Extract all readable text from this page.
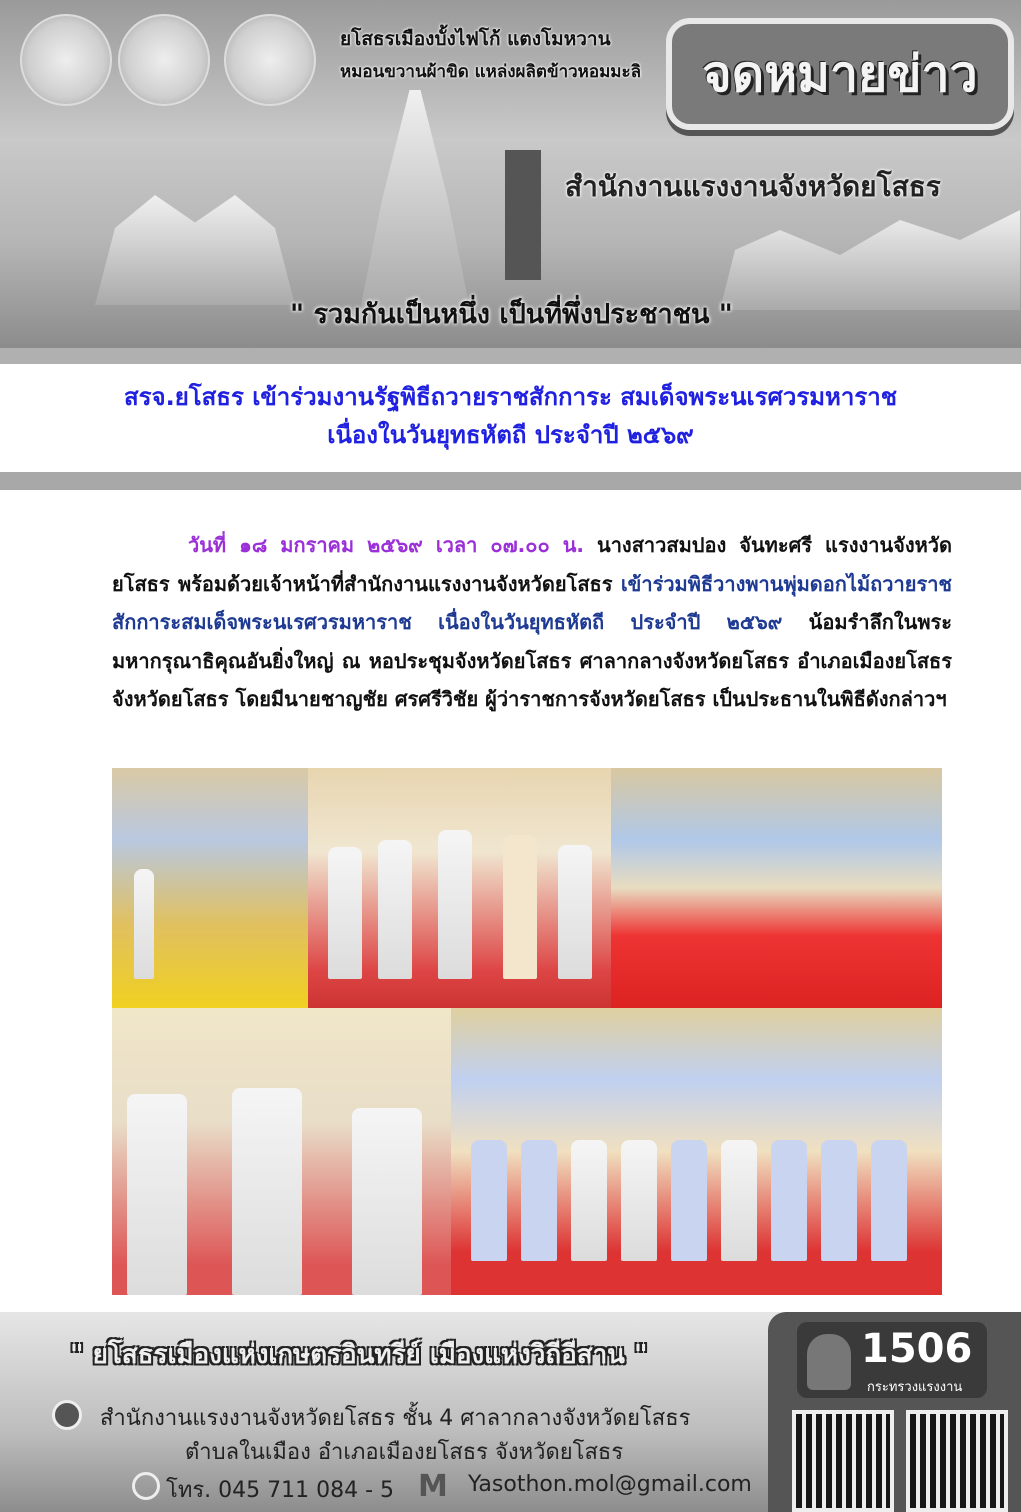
ยโสธรเมืองบั้งไฟโก้ แตงโมหวาน
หมอนขวานผ้าขิด แหล่งผลิตข้าวหอมมะลิ	จดหมายข่าว
สำนักงานแรงงานจังหวัดยโสธร
" รวมกันเป็นหนึ่ง เป็นที่พึ่งประชาชน "
สรจ.ยโสธร เข้าร่วมงานรัฐพิธีถวายราชสักการะ สมเด็จพระนเรศวรมหาราช
เนื่องในวันยุทธหัตถี ประจำปี ๒๕๖๙
วันที่ ๑๘ มกราคม ๒๕๖๙ เวลา ๐๗.๐๐ น. นางสาวสมปอง จันทะศรี แรงงานจังหวัดยโสธร พร้อมด้วยเจ้าหน้าที่สำนักงานแรงงานจังหวัดยโสธร เข้าร่วมพิธีวางพานพุ่มดอกไม้ถวายราชสักการะสมเด็จพระนเรศวรมหาราช เนื่องในวันยุทธหัตถี ประจำปี ๒๕๖๙ น้อมรำลึกในพระมหากรุณาธิคุณอันยิ่งใหญ่ ณ หอประชุมจังหวัดยโสธร ศาลากลางจังหวัดยโสธร อำเภอเมืองยโสธร จังหวัดยโสธร โดยมีนายชาญชัย ศรศรีวิชัย ผู้ว่าราชการจังหวัดยโสธร เป็นประธานในพิธีดังกล่าวฯ
" ยโสธรเมืองแห่งเกษตรอินทรีย์ เมืองแห่งวิถีอีสาน "
สำนักงานแรงงานจังหวัดยโสธร ชั้น 4 ศาลากลางจังหวัดยโสธร
ตำบลในเมือง อำเภอเมืองยโสธร จังหวัดยโสธร
โทร. 045 711 084 - 5 M Yasothon.mol@gmail.com
1506
กระทรวงแรงงาน
